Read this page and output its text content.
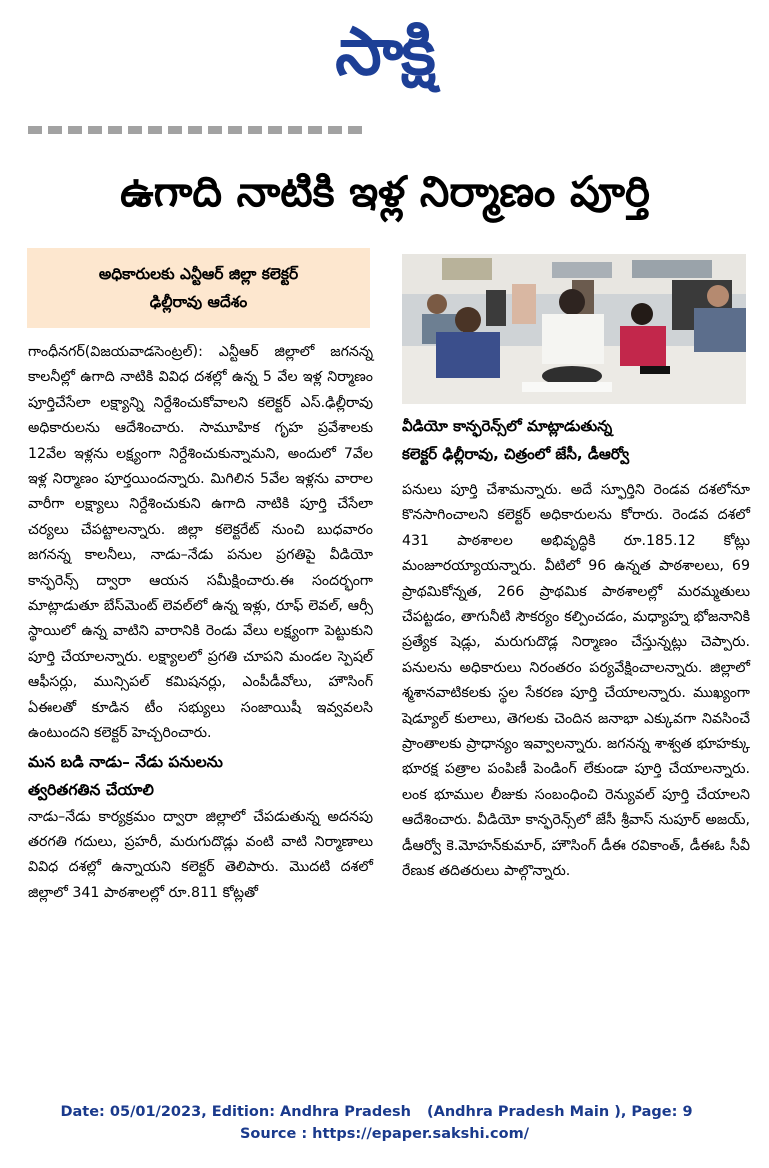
సాక్షి
ఉగాది నాటికి ఇళ్ల నిర్మాణం పూర్తి
అధికారులకు ఎన్టీఆర్ జిల్లా కలెక్టర్
ఢిల్లీరావు ఆదేశం
వీడియో కాన్ఫరెన్స్‌లో మాట్లాడుతున్న
కలెక్టర్ ఢిల్లీరావు, చిత్రంలో జేసీ, డీఆర్వో

గాంధీనగర్(విజయవాడసెంట్రల్): ఎన్టీఆర్ జిల్లాలో జగనన్న కాలనీల్లో ఉగాది నాటికి వివిధ దశల్లో ఉన్న 5 వేల ఇళ్ల నిర్మాణం పూర్తిచేసేలా లక్ష్యాన్ని నిర్దేశించుకోవాలని కలెక్టర్ ఎస్.ఢిల్లీరావు అధికారులను ఆదేశించారు. సామూహిక గృహ ప్రవేశాలకు 12వేల ఇళ్లను లక్ష్యంగా నిర్దేశించుకున్నామని, అందులో 7వేల ఇళ్ల నిర్మాణం పూర్తయిందన్నారు. మిగిలిన 5వేల ఇళ్లను వారాల వారీగా లక్ష్యాలు నిర్దేశించుకుని ఉగాది నాటికి పూర్తి చేసేలా చర్యలు చేపట్టాలన్నారు. జిల్లా కలెక్టరేట్ నుంచి బుధవారం జగనన్న కాలనీలు, నాడు–నేడు పనుల ప్రగతిపై వీడియో కాన్ఫరెన్స్ ద్వారా ఆయన సమీక్షించారు.ఈ సందర్భంగా మాట్లాడుతూ బేస్‌మెంట్ లెవల్‌లో ఉన్న ఇళ్లు, రూఫ్ లెవల్, ఆర్సీ స్థాయిలో ఉన్న వాటిని వారానికి రెండు వేలు లక్ష్యంగా పెట్టుకుని పూర్తి చేయాలన్నారు. లక్ష్యాలలో ప్రగతి చూపని మండల స్పెషల్ ఆఫీసర్లు, మున్సిపల్ కమిషనర్లు, ఎంపీడీవోలు, హౌసింగ్ ఏఈలతో కూడిన టీం సభ్యులు సంజాయిషీ ఇవ్వవలసి ఉంటుందని కలెక్టర్ హెచ్చరించారు.

మన బడి నాడు– నేడు పనులను
త్వరితగతిన చేయాలి

నాడు–నేడు కార్యక్రమం ద్వారా జిల్లాలో చేపడుతున్న అదనపు తరగతి గదులు, ప్రహరీ, మరుగుదొడ్లు వంటి వాటి నిర్మాణాలు వివిధ దశల్లో ఉన్నాయని కలెక్టర్ తెలిపారు. మొదటి దశలో జిల్లాలో 341 పాఠశాలల్లో రూ.811 కోట్లతో

పనులు పూర్తి చేశామన్నారు. అదే స్ఫూర్తిని రెండవ దశలోనూ కొనసాగించాలని కలెక్టర్ అధికారులను కోరారు. రెండవ దశలో 431 పాఠశాలల అభివృద్ధికి రూ.185.12 కోట్లు మంజూరయ్యాయన్నారు. వీటిలో 96 ఉన్నత పాఠశాలలు, 69 ప్రాథమికోన్నత, 266 ప్రాథమిక పాఠశాలల్లో మరమ్మతులు చేపట్టడం, తాగునీటి సౌకర్యం కల్పించడం, మధ్యాహ్న భోజనానికి ప్రత్యేక షెడ్లు, మరుగుదొడ్ల నిర్మాణం చేస్తున్నట్లు చెప్పారు. పనులను అధికారులు నిరంతరం పర్యవేక్షించాలన్నారు. జిల్లాలో శ్మశానవాటికలకు స్థల సేకరణ పూర్తి చేయాలన్నారు. ముఖ్యంగా షెడ్యూల్ కులాలు, తెగలకు చెందిన జనాభా ఎక్కువగా నివసించే ప్రాంతాలకు ప్రాధాన్యం ఇవ్వాలన్నారు. జగనన్న శాశ్వత భూహక్కు భూరక్ష పత్రాల పంపిణీ పెండింగ్ లేకుండా పూర్తి చేయాలన్నారు. లంక భూముల లీజుకు సంబంధించి రెన్యువల్ పూర్తి చేయాలని ఆదేశించారు. వీడియో కాన్ఫరెన్స్‌లో జేసీ శ్రీవాస్ నుపూర్ అజయ్, డీఆర్వో కె.మోహన్‌కుమార్, హౌసింగ్ డీఈ రవికాంత్, డీఈఓ సీవీ రేణుక తదితరులు పాల్గొన్నారు.

Date: 05/01/2023, Edition: Andhra Pradesh (Andhra Pradesh Main ), Page: 9
Source : https://epaper.sakshi.com/
